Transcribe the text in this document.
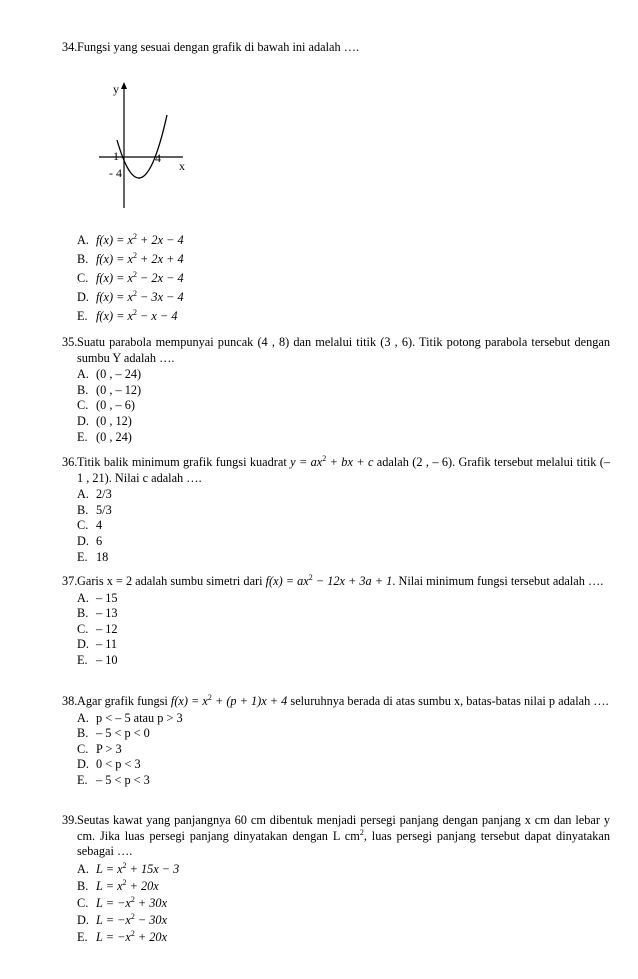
34. Fungsi yang sesuai dengan grafik di bawah ini adalah ….
y
x
- 1	4
- 4
A. $f(x) = x^2 + 2x - 4$
B. $f(x) = x^2 + 2x + 4$
C. $f(x) = x^2 - 2x - 4$
D. $f(x) = x^2 - 3x - 4$
E. $f(x) = x^2 - x - 4$
35. Suatu parabola mempunyai puncak (4 , 8) dan melalui titik (3 , 6). Titik potong parabola tersebut dengan sumbu Y adalah ….
A. (0 , – 24)
B. (0 , – 12)
C. (0 , – 6)
D. (0 , 12)
E. (0 , 24)
36. Titik balik minimum grafik fungsi kuadrat $y = ax^2$ + bx + c adalah (2 , – 6). Grafik tersebut melalui titik (– 1 , 21). Nilai c adalah ….
A. 2/3
B. 5/3
C. 4
D. 6
E. 18
37. Garis x = 2 adalah sumbu simetri dari $f(x) = ax^2 - 12x + 3a + 1$. Nilai minimum fungsi tersebut adalah ….
A. – 15
B. – 13
C. – 12
D. – 11
E. – 10
38. Agar grafik fungsi $f(x) = x^2 + (p + 1)x + 4$ seluruhnya berada di atas sumbu x, batas-batas nilai p adalah ….
A. p < – 5 atau p > 3
B. – 5 < p < 0
C. P > 3
D. 0 < p < 3
E. – 5 < p < 3
39. Seutas kawat yang panjangnya 60 cm dibentuk menjadi persegi panjang dengan panjang x cm dan lebar y cm. Jika luas persegi panjang dinyatakan dengan L $cm^2$, luas persegi panjang tersebut dapat dinyatakan sebagai ….
A. $L = x^2 + 15x - 3$
B. $L = x^2 + 20x$
C. $L = -x^2 + 30x$
D. $L = -x^2 - 30x$
E. $L = -x^2 + 20x$
